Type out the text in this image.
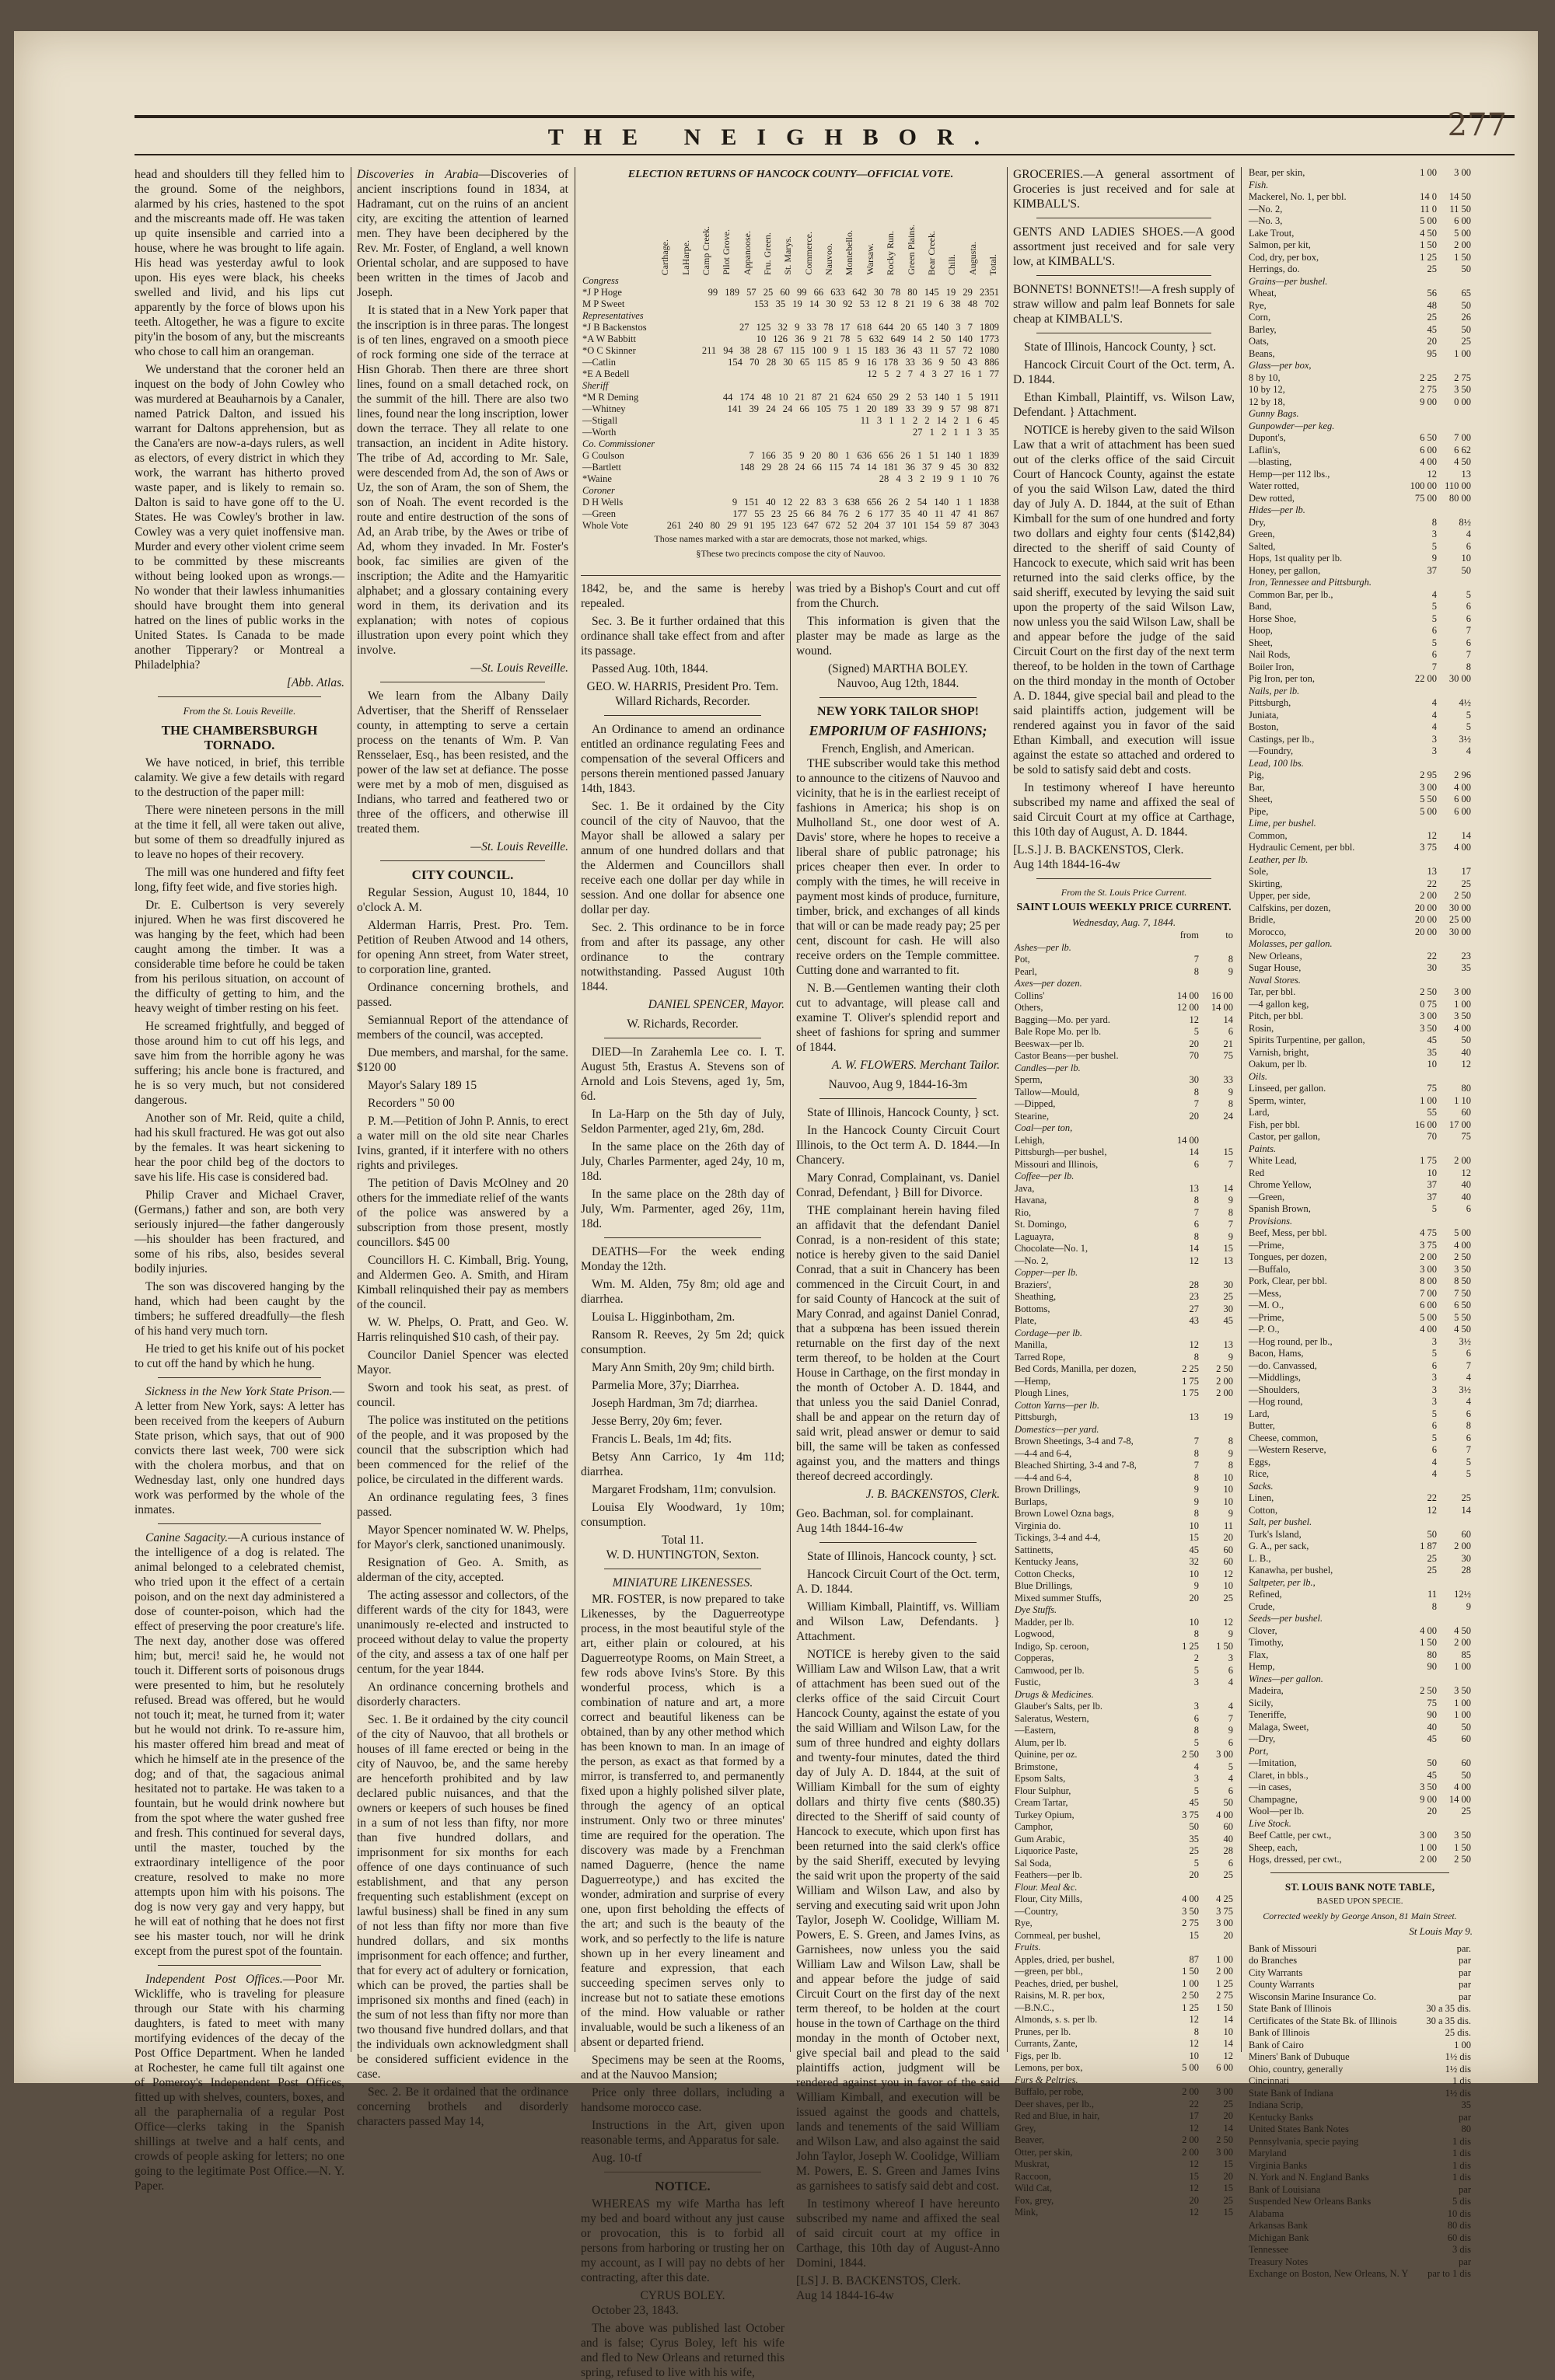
THE NEIGHBOR.	277

head and shoulders till they felled him to the ground. Some of the neighbors, alarmed by his cries, hastened to the spot and the miscreants made off. He was taken up quite insensible and carried into a house, where he was brought to life again. His head was yesterday awful to look upon. His eyes were black, his cheeks swelled and livid, and his lips cut apparently by the force of blows upon his teeth. Altogether, he was a figure to excite pity'in the bosom of any, but the miscreants who chose to call him an orangeman.

We understand that the coroner held an inquest on the body of John Cowley who was murdered at Beauharnois by a Canaler, named Patrick Dalton, and issued his warrant for Daltons apprehension, but as the Cana'ers are now-a-days rulers, as well as electors, of every district in which they work, the warrant has hitherto proved waste paper, and is likely to remain so. Dalton is said to have gone off to the U. States. He was Cowley's brother in law. Cowley was a very quiet inoffensive man. Murder and every other violent crime seem to be committed by these miscreants without being looked upon as wrongs.—No wonder that their lawless inhumanities should have brought them into general hatred on the lines of public works in the United States. Is Canada to be made another Tipperary? or Montreal a Philadelphia?

[Abb. Atlas.
From the St. Louis Reveille.
THE CHAMBERSBURGH TORNADO.

We have noticed, in brief, this terrible calamity. We give a few details with regard to the destruction of the paper mill:

There were nineteen persons in the mill at the time it fell, all were taken out alive, but some of them so dreadfully injured as to leave no hopes of their recovery.

The mill was one hundered and fifty feet long, fifty feet wide, and five stories high.

Dr. E. Culbertson is very severely injured. When he was first discovered he was hanging by the feet, which had been caught among the timber. It was a considerable time before he could be taken from his perilous situation, on account of the difficulty of getting to him, and the heavy weight of timber resting on his feet.

He screamed frightfully, and begged of those around him to cut off his legs, and save him from the horrible agony he was suffering; his ancle bone is fractured, and he is so very much, but not considered dangerous.

Another son of Mr. Reid, quite a child, had his skull fractured. He was got out also by the females. It was heart sickening to hear the poor child beg of the doctors to save his life. His case is considered bad.

Philip Craver and Michael Craver, (Germans,) father and son, are both very seriously injured—the father dangerously—his shoulder has been fractured, and some of his ribs, also, besides several bodily injuries.

The son was discovered hanging by the hand, which had been caught by the timbers; he suffered dreadfully—the flesh of his hand very much torn.

He tried to get his knife out of his pocket to cut off the hand by which he hung.

Sickness in the New York State Prison.—A letter from New York, says: A letter has been received from the keepers of Auburn State prison, which says, that out of 900 convicts there last week, 700 were sick with the cholera morbus, and that on Wednesday last, only one hundred days work was performed by the whole of the inmates.

Canine Sagacity.—A curious instance of the intelligence of a dog is related. The animal belonged to a celebrated chemist, who tried upon it the effect of a certain poison, and on the next day administered a dose of counter-poison, which had the effect of preserving the poor creature's life. The next day, another dose was offered him; but, merci! said he, he would not touch it. Different sorts of poisonous drugs were presented to him, but he resolutely refused. Bread was offered, but he would not touch it; meat, he turned from it; water but he would not drink. To re-assure him, his master offered him bread and meat of which he himself ate in the presence of the dog; and of that, the sagacious animal hesitated not to partake. He was taken to a fountain, but he would drink nowhere but from the spot where the water gushed free and fresh. This continued for several days, until the master, touched by the extraordinary intelligence of the poor creature, resolved to make no more attempts upon him with his poisons. The dog is now very gay and very happy, but he will eat of nothing that he does not first see his master touch, nor will he drink except from the purest spot of the fountain.

Independent Post Offices.—Poor Mr. Wickliffe, who is traveling for pleasure through our State with his charming daughters, is fated to meet with many mortifying evidences of the decay of the Post Office Department. When he landed at Rochester, he came full tilt against one of Pomeroy's Independent Post Offices, fitted up with shelves, counters, boxes, and all the paraphernalia of a regular Post Office—clerks taking in the Spanish shillings at twelve and a half cents, and crowds of people asking for letters; no one going to the legitimate Post Office.—N. Y. Paper.

Discoveries in Arabia—Discoveries of ancient inscriptions found in 1834, at Hadramant, cut on the ruins of an ancient city, are exciting the attention of learned men. They have been deciphered by the Rev. Mr. Foster, of England, a well known Oriental scholar, and are supposed to have been written in the times of Jacob and Joseph.

It is stated that in a New York paper that the inscription is in three paras. The longest is of ten lines, engraved on a smooth piece of rock forming one side of the terrace at Hisn Ghorab. Then there are three short lines, found on a small detached rock, on the summit of the hill. There are also two lines, found near the long inscription, lower down the terrace. They all relate to one transaction, an incident in Adite history. The tribe of Ad, according to Mr. Sale, were descended from Ad, the son of Aws or Uz, the son of Aram, the son of Shem, the son of Noah. The event recorded is the route and entire destruction of the sons of Ad, an Arab tribe, by the Awes or tribe of Ad, whom they invaded. In Mr. Foster's book, fac similies are given of the inscription; the Adite and the Hamyaritic alphabet; and a glossary containing every word in them, its derivation and its explanation; with notes of copious illustration upon every point which they involve.

—St. Louis Reveille.

We learn from the Albany Daily Advertiser, that the Sheriff of Rensselaer county, in attempting to serve a certain process on the tenants of Wm. P. Van Rensselaer, Esq., has been resisted, and the power of the law set at defiance. The posse were met by a mob of men, disguised as Indians, who tarred and feathered two or three of the officers, and otherwise ill treated them.

—St. Louis Reveille.
CITY COUNCIL.

Regular Session, August 10, 1844, 10 o'clock A. M.

Alderman Harris, Prest. Pro. Tem. Petition of Reuben Atwood and 14 others, for opening Ann street, from Water street, to corporation line, granted.

Ordinance concerning brothels, and passed.

Semiannual Report of the attendance of members of the council, was accepted.

Due members, and marshal, for the same. $120 00

Mayor's Salary 189 15

Recorders " 50 00

P. M.—Petition of John P. Annis, to erect a water mill on the old site near Charles Ivins, granted, if it interfere with no others rights and privileges.

The petition of Davis McOlney and 20 others for the immediate relief of the wants of the police was answered by a subscription from those present, mostly councillors. $45 00

Councillors H. C. Kimball, Brig. Young, and Aldermen Geo. A. Smith, and Hiram Kimball relinquished their pay as members of the council.

W. W. Phelps, O. Pratt, and Geo. W. Harris relinquished $10 cash, of their pay.

Councilor Daniel Spencer was elected Mayor.

Sworn and took his seat, as prest. of council.

The police was instituted on the petitions of the people, and it was proposed by the council that the subscription which had been commenced for the relief of the police, be circulated in the different wards.

An ordinance regulating fees, 3 fines passed.

Mayor Spencer nominated W. W. Phelps, for Mayor's clerk, sanctioned unanimously.

Resignation of Geo. A. Smith, as alderman of the city, accepted.

The acting assessor and collectors, of the different wards of the city for 1843, were unanimously re-elected and instructed to proceed without delay to value the property of the city, and assess a tax of one half per centum, for the year 1844.

An ordinance concerning brothels and disorderly characters.

Sec. 1. Be it ordained by the city council of the city of Nauvoo, that all brothels or houses of ill fame erected or being in the city of Nauvoo, be, and the same hereby are henceforth prohibited and by law declared public nuisances, and that the owners or keepers of such houses be fined in a sum of not less than fifty, nor more than five hundred dollars, and imprisonment for six months for each offence of one days continuance of such establishment, and that any person frequenting such establishment (except on lawful business) shall be fined in any sum of not less than fifty nor more than five hundred dollars, and six months imprisonment for each offence; and further, that for every act of adultery or fornication, which can be proved, the parties shall be imprisoned six months and fined (each) in the sum of not less than fifty nor more than two thousand five hundred dollars, and that the individuals own acknowledgment shall be considered sufficient evidence in the case.

Sec. 2. Be it ordained that the ordinance concerning brothels and disorderly characters passed May 14,

ELECTION RETURNS OF HANCOCK COUNTY—OFFICIAL VOTE.

Carthage. LaHarpe. Camp Creek. Pilot Grove. Appanoose. Fru. Green. St. Marys. Commerce. Nauvoo. Montebello. Warsaw. Rocky Run. Green Plains. Bear Creek. Chili. Augusta. Total.

Congress	
*J P Hoge	99 189 57 25 60 99 66 633 642 30 78 80 145 19 29 2351
M P Sweet	153 35 19 14 30 92 53 12 8 21 19 6 38 48 702
Representatives	
*J B Backenstos	27 125 32 9 33 78 17 618 644 20 65 140 3 7 1809
*A W Babbitt	10 126 36 9 21 78 5 632 649 14 2 50 140 1773
*O C Skinner	211 94 38 28 67 115 100 9 1 15 183 36 43 11 57 72 1080
—Catlin	154 70 28 30 65 115 85 9 16 178 33 36 9 50 43 886
*E A Bedell	12 5 2 7 4 3 27 16 1 77
Sheriff	
*M R Deming	44 174 48 10 21 87 21 624 650 29 2 53 140 1 5 1911
—Whitney	141 39 24 24 66 105 75 1 20 189 33 39 9 57 98 871
—Stigall	11 3 1 1 2 2 14 2 1 6 45
—Worth	27 1 2 1 1 3 35
Co. Commissioner	
G Coulson	7 166 35 9 20 80 1 636 656 26 1 51 140 1 1839
—Bartlett	148 29 28 24 66 115 74 14 181 36 37 9 45 30 832
*Waine	28 4 3 2 19 9 1 10 76
Coroner	
D H Wells	9 151 40 12 22 83 3 638 656 26 2 54 140 1 1 1838
—Green	177 55 23 25 66 84 76 2 6 177 35 40 11 47 41 867
Whole Vote	261 240 80 29 91 195 123 647 672 52 204 37 101 154 59 87 3043
Those names marked with a star are democrats, those not marked, whigs.
§These two precincts compose the city of Nauvoo.

1842, be, and the same is hereby repealed.

Sec. 3. Be it further ordained that this ordinance shall take effect from and after its passage.

Passed Aug. 10th, 1844.

GEO. W. HARRIS, President Pro. Tem.
Willard Richards, Recorder.

An Ordinance to amend an ordinance entitled an ordinance regulating Fees and compensation of the several Officers and persons therein mentioned passed January 14th, 1843.

Sec. 1. Be it ordained by the City council of the city of Nauvoo, that the Mayor shall be allowed a salary per annum of one hundred dollars and that the Aldermen and Councillors shall receive each one dollar per day while in session. And one dollar for absence one dollar per day.

Sec. 2. This ordinance to be in force from and after its passage, any other ordinance to the contrary notwithstanding. Passed August 10th 1844.

DANIEL SPENCER, Mayor.
W. Richards, Recorder.

DIED—In Zarahemla Lee co. I. T. August 5th, Erastus A. Stevens son of Arnold and Lois Stevens, aged 1y, 5m, 6d.

In La-Harp on the 5th day of July, Seldon Parmenter, aged 21y, 6m, 28d.

In the same place on the 26th day of July, Charles Parmenter, aged 24y, 10 m, 18d.

In the same place on the 28th day of July, Wm. Parmenter, aged 26y, 11m, 18d.

DEATHS—For the week ending Monday the 12th.

Wm. M. Alden, 75y 8m; old age and diarrhea.

Louisa L. Higginbotham, 2m.

Ransom R. Reeves, 2y 5m 2d; quick consumption.

Mary Ann Smith, 20y 9m; child birth.

Parmelia More, 37y; Diarrhea.

Joseph Hardman, 3m 7d; diarrhea.

Jesse Berry, 20y 6m; fever.

Francis L. Beals, 1m 4d; fits.

Betsy Ann Carrico, 1y 4m 11d; diarrhea.

Margaret Frodsham, 11m; convulsion.

Louisa Ely Woodward, 1y 10m; consumption.

Total 11.
W. D. HUNTINGTON, Sexton.
MINIATURE LIKENESSES.

MR. FOSTER, is now prepared to take Likenesses, by the Daguerreotype process, in the most beautiful style of the art, either plain or coloured, at his Daguerreotype Rooms, on Main Street, a few rods above Ivins's Store. By this wonderful process, which is a combination of nature and art, a more correct and beautiful likeness can be obtained, than by any other method which has been known to man. In an image of the person, as exact as that formed by a mirror, is transferred to, and permanently fixed upon a highly polished silver plate, through the agency of an optical instrument. Only two or three minutes' time are required for the operation. The discovery was made by a Frenchman named Daguerre, (hence the name Daguerreotype,) and has excited the wonder, admiration and surprise of every one, upon first beholding the effects of the art; and such is the beauty of the work, and so perfectly to the life is nature shown up in her every lineament and feature and expression, that each succeeding specimen serves only to increase but not to satiate these emotions of the mind. How valuable or rather invaluable, would be such a likeness of an absent or departed friend.

Specimens may be seen at the Rooms, and at the Nauvoo Mansion;

Price only three dollars, including a handsome morocco case.

Instructions in the Art, given upon reasonable terms, and Apparatus for sale.

Aug. 10-tf

NOTICE.

WHEREAS my wife Martha has left my bed and board without any just cause or provocation, this is to forbid all persons from harboring or trusting her on my account, as I will pay no debts of her contracting, after this date.

CYRUS BOLEY.

October 23, 1843.

The above was published last October and is false; Cyrus Boley, left his wife and fled to New Orleans and returned this spring, refused to live with his wife,

was tried by a Bishop's Court and cut off from the Church.

This information is given that the plaster may be made as large as the wound.

(Signed) MARTHA BOLEY.
Nauvoo, Aug 12th, 1844.
NEW YORK TAILOR SHOP!
EMPORIUM OF FASHIONS;
French, English, and American.

THE subscriber would take this method to announce to the citizens of Nauvoo and vicinity, that he is in the earliest receipt of fashions in America; his shop is on Mulholland St., one door west of A. Davis' store, where he hopes to receive a liberal share of public patronage; his prices cheaper then ever. In order to comply with the times, he will receive in payment most kinds of produce, furniture, timber, brick, and exchanges of all kinds that will or can be made ready pay; 25 per cent, discount for cash. He will also receive orders on the Temple committee. Cutting done and warranted to fit.

N. B.—Gentlemen wanting their cloth cut to advantage, will please call and examine T. Oliver's splendid report and sheet of fashions for spring and summer of 1844.

A. W. FLOWERS. Merchant Tailor.
Nauvoo, Aug 9, 1844-16-3m

State of Illinois, Hancock County, } sct.

In the Hancock County Circuit Court Illinois, to the Oct term A. D. 1844.—In Chancery.

Mary Conrad, Complainant, vs. Daniel Conrad, Defendant, } Bill for Divorce.

THE complainant herein having filed an affidavit that the defendant Daniel Conrad, is a non-resident of this state; notice is hereby given to the said Daniel Conrad, that a suit in Chancery has been commenced in the Circuit Court, in and for said County of Hancock at the suit of Mary Conrad, and against Daniel Conrad, that a subpœna has been issued therein returnable on the first day of the next term thereof, to be holden at the Court House in Carthage, on the first monday in the month of October A. D. 1844, and that unless you the said Daniel Conrad, shall be and appear on the return day of said writ, plead answer or demur to said bill, the same will be taken as confessed against you, and the matters and things thereof decreed accordingly.

J. B. BACKENSTOS, Clerk.
Geo. Bachman, sol. for complainant.
Aug 14th 1844-16-4w

State of Illinois, Hancock county, } sct.

Hancock Circuit Court of the Oct. term, A. D. 1844.

William Kimball, Plaintiff, vs. William and Wilson Law, Defendants. } Attachment.

NOTICE is hereby given to the said William Law and Wilson Law, that a writ of attachment has been sued out of the clerks office of the said Circuit Court Hancock County, against the estate of you the said William and Wilson Law, for the sum of three hundred and eighty dollars and twenty-four minutes, dated the third day of July A. D. 1844, at the suit of William Kimball for the sum of eighty dollars and thirty five cents ($80.35) directed to the Sheriff of said county of Hancock to execute, which upon first has been returned into the said clerk's office by the said Sheriff, executed by levying the said writ upon the property of the said William and Wilson Law, and also by serving and executing said writ upon John Taylor, Joseph W. Coolidge, William M. Powers, E. S. Green, and James Ivins, as Garnishees, now unless you the said William Law and Wilson Law, shall be and appear before the judge of said Circuit Court on the first day of the next term thereof, to be holden at the court house in the town of Carthage on the third monday in the month of October next, give special bail and plead to the said plaintiffs action, judgment will be rendered against you in favor of the said William Kimball, and execution will be issued against the goods and chattels, lands and tenements of the said William and Wilson Law, and also against the said John Taylor, Joseph W. Coolidge, William M. Powers, E. S. Green and James Ivins as garnishees to satisfy said debt and cost.

In testimony whereof I have hereunto subscribed my name and affixed the seal of said circuit court at my office in Carthage, this 10th day of August-Anno Domini, 1844.

[LS] J. B. BACKENSTOS, Clerk.
Aug 14 1844-16-4w

GROCERIES.—A general assortment of Groceries is just received and for sale at KIMBALL'S.

GENTS AND LADIES SHOES.—A good assortment just received and for sale very low, at KIMBALL'S.

BONNETS! BONNETS!!—A fresh supply of straw willow and palm leaf Bonnets for sale cheap at KIMBALL'S.

State of Illinois, Hancock County, } sct.

Hancock Circuit Court of the Oct. term, A. D. 1844.

Ethan Kimball, Plaintiff, vs. Wilson Law, Defendant. } Attachment.

NOTICE is hereby given to the said Wilson Law that a writ of attachment has been sued out of the clerks office of the said Circuit Court of Hancock County, against the estate of you the said Wilson Law, dated the third day of July A. D. 1844, at the suit of Ethan Kimball for the sum of one hundred and forty two dollars and eighty four cents ($142,84) directed to the sheriff of said County of Hancock to execute, which said writ has been returned into the said clerks office, by the said sheriff, executed by levying the said suit upon the property of the said Wilson Law, now unless you the said Wilson Law, shall be and appear before the judge of the said Circuit Court on the first day of the next term thereof, to be holden in the town of Carthage on the third monday in the month of October A. D. 1844, give special bail and plead to the said plaintiffs action, judgement will be rendered against you in favor of the said Ethan Kimball, and execution will issue against the estate so attached and ordered to be sold to satisfy said debt and costs.

In testimony whereof I have hereunto subscribed my name and affixed the seal of said Circuit Court at my office at Carthage, this 10th day of August, A. D. 1844.

[L.S.] J. B. BACKENSTOS, Clerk.
Aug 14th 1844-16-4w
From the St. Louis Price Current.
SAINT LOUIS WEEKLY PRICE CURRENT.
Wednesday, Aug. 7, 1844.
	from	to
Ashes—per lb.		
Pot,	7	8
Pearl,	8	9
Axes—per dozen.		
Collins'	14 00	16 00
Others,	12 00	14 00
Bagging—Mo. per yard.	12	14
Bale Rope Mo. per lb.	5	6
Beeswax—per lb.	20	21
Castor Beans—per bushel.	70	75
Candles—per lb.		
Sperm,	30	33
Tallow—Mould,	8	9
—Dipped,	7	8
Stearine,	20	24
Coal—per ton,		
Lehigh,	14 00	
Pittsburgh—per bushel,	14	15
Missouri and Illinois,	6	7
Coffee—per lb.		
Java,	13	14
Havana,	8	9
Rio,	7	8
St. Domingo,	6	7
Laguayra,	8	9
Chocolate—No. 1,	14	15
—No. 2,	12	13
Copper—per lb.		
Braziers',	28	30
Sheathing,	23	25
Bottoms,	27	30
Plate,	43	45
Cordage—per lb.		
Manilla,	12	13
Tarred Rope,	8	9
Bed Cords, Manilla, per dozen,	2 25	2 50
—Hemp,	1 75	2 00
Plough Lines,	1 75	2 00
Cotton Yarns—per lb.		
Pittsburgh,	13	19
Domestics—per yard.		
Brown Sheetings, 3-4 and 7-8,	7	8
—4-4 and 6-4,	8	9
Bleached Shirting, 3-4 and 7-8,	7	8
—4-4 and 6-4,	8	10
Brown Drillings,	9	10
Burlaps,	9	10
Brown Lowel Ozna bags,	8	9
Virginia do.	10	11
Tickings, 3-4 and 4-4,	15	20
Sattinetts,	45	60
Kentucky Jeans,	32	60
Cotton Checks,	10	12
Blue Drillings,	9	10
Mixed summer Stuffs,	20	25
Dye Stuffs.		
Madder, per lb.	10	12
Logwood,	8	9
Indigo, Sp. ceroon,	1 25	1 50
Copperas,	2	3
Camwood, per lb.	5	6
Fustic,	3	4
Drugs & Medicines.		
Glauber's Salts, per lb.	3	4
Saleratus, Western,	6	7
—Eastern,	8	9
Alum, per lb.	5	6
Quinine, per oz.	2 50	3 00
Brimstone,	4	5
Epsom Salts,	3	4
Flour Sulphur,	5	6
Cream Tartar,	45	50
Turkey Opium,	3 75	4 00
Camphor,	50	60
Gum Arabic,	35	40
Liquorice Paste,	25	28
Sal Soda,	5	6
Feathers—per lb.	20	25
Flour. Meal &c.		
Flour, City Mills,	4 00	4 25
—Country,	3 50	3 75
Rye,	2 75	3 00
Cornmeal, per bushel,	15	20
Fruits.		
Apples, dried, per bushel,	87	1 00
—green, per bbl.,	1 50	2 00
Peaches, dried, per bushel,	1 00	1 25
Raisins, M. R. per box,	2 50	2 75
—B.N.C.,	1 25	1 50
Almonds, s. s. per lb.	12	14
Prunes, per lb.	8	10
Currants, Zante,	12	14
Figs, per lb.	10	12
Lemons, per box,	5 00	6 00
Furs & Peltries.		
Buffalo, per robe,	2 00	3 00
Deer shaves, per lb.,	22	25
Red and Blue, in hair,	17	20
Grey,	12	14
Beaver,	2 00	2 50
Otter, per skin,	2 00	3 00
Muskrat,	12	15
Raccoon,	15	20
Wild Cat,	12	15
Fox, grey,	20	25
Mink,	12	15
Bear, per skin,	1 00	3 00
Fish.		
Mackerel, No. 1, per bbl.	14 0	14 50
—No. 2,	11 0	11 50
—No. 3,	5 00	6 00
Lake Trout,	4 50	5 00
Salmon, per kit,	1 50	2 00
Cod, dry, per box,	1 25	1 50
Herrings, do.	25	50
Grains—per bushel.		
Wheat,	56	65
Rye,	48	50
Corn,	25	26
Barley,	45	50
Oats,	20	25
Beans,	95	1 00
Glass—per box,		
8 by 10,	2 25	2 75
10 by 12,	2 75	3 50
12 by 18,	9 00	0 00
Gunny Bags.		
Gunpowder—per keg.		
Dupont's,	6 50	7 00
Laflin's,	6 00	6 62
—blasting,	4 00	4 50
Hemp—per 112 lbs.,	12	13
Water rotted,	100 00	110 00
Dew rotted,	75 00	80 00
Hides—per lb.		
Dry,	8	8½
Green,	3	4
Salted,	5	6
Hops, 1st quality per lb.	9	10
Honey, per gallon,	37	50
Iron, Tennessee and Pittsburgh.		
Common Bar, per lb.,	4	5
Band,	5	6
Horse Shoe,	5	6
Hoop,	6	7
Sheet,	5	6
Nail Rods,	6	7
Boiler Iron,	7	8
Pig Iron, per ton,	22 00	30 00
Nails, per lb.		
Pittsburgh,	4	4½
Juniata,	4	5
Boston,	4	5
Castings, per lb.,	3	3½
—Foundry,	3	4
Lead, 100 lbs.		
Pig,	2 95	2 96
Bar,	3 00	4 00
Sheet,	5 50	6 00
Pipe,	5 00	6 00
Lime, per bushel.		
Common,	12	14
Hydraulic Cement, per bbl.	3 75	4 00
Leather, per lb.		
Sole,	13	17
Skirting,	22	25
Upper, per side,	2 00	2 50
Calfskins, per dozen,	20 00	30 00
Bridle,	20 00	25 00
Morocco,	20 00	30 00
Molasses, per gallon.		
New Orleans,	22	23
Sugar House,	30	35
Naval Stores.		
Tar, per bbl.	2 50	3 00
—4 gallon keg,	0 75	1 00
Pitch, per bbl.	3 00	3 50
Rosin,	3 50	4 00
Spirits Turpentine, per gallon,	45	50
Varnish, bright,	35	40
Oakum, per lb.	10	12
Oils.		
Linseed, per gallon.	75	80
Sperm, winter,	1 00	1 10
Lard,	55	60
Fish, per bbl.	16 00	17 00
Castor, per gallon,	70	75
Paints.		
White Lead,	1 75	2 00
Red	10	12
Chrome Yellow,	37	40
—Green,	37	40
Spanish Brown,	5	6
Provisions.		
Beef, Mess, per bbl.	4 75	5 00
—Prime,	3 75	4 00
Tongues, per dozen,	2 00	2 50
—Buffalo,	3 00	3 50
Pork, Clear, per bbl.	8 00	8 50
—Mess,	7 00	7 50
—M. O.,	6 00	6 50
—Prime,	5 00	5 50
—P. O.,	4 00	4 50
—Hog round, per lb.,	3	3½
Bacon, Hams,	5	6
—do. Canvassed,	6	7
—Middlings,	3	4
—Shoulders,	3	3½
—Hog round,	3	4
Lard,	5	6
Butter,	6	8
Cheese, common,	5	6
—Western Reserve,	6	7
Eggs,	4	5
Rice,	4	5
Sacks.		
Linen,	22	25
Cotton,	12	14
Salt, per bushel.		
Turk's Island,	50	60
G. A., per sack,	1 87	2 00
L. B.,	25	30
Kanawha, per bushel,	25	28
Saltpeter, per lb.,		
Refined,	11	12½
Crude,	8	9
Seeds—per bushel.		
Clover,	4 00	4 50
Timothy,	1 50	2 00
Flax,	80	85
Hemp,	90	1 00
Wines—per gallon.		
Madeira,	2 50	3 50
Sicily,	75	1 00
Teneriffe,	90	1 00
Malaga, Sweet,	40	50
—Dry,	45	60
Port,		
—Imitation,	50	60
Claret, in bbls.,	45	50
—in cases,	3 50	4 00
Champagne,	9 00	14 00
Wool—per lb.	20	25
Live Stock.		
Beef Cattle, per cwt.,	3 00	3 50
Sheep, each,	1 00	1 50
Hogs, dressed, per cwt.,	2 00	2 50
ST. LOUIS BANK NOTE TABLE,
BASED UPON SPECIE.
Corrected weekly by George Anson, 81 Main Street.
St Louis May 9.
Bank of Missouri	par.
do Branches	par
City Warrants	par
County Warrants	par
Wisconsin Marine Insurance Co.	par
State Bank of Illinois	30 a 35 dis.
Certificates of the State Bk. of Illinois	30 a 35 dis.
Bank of Illinois	25 dis.
Bank of Cairo	1 00
Miners' Bank of Dubuque	1½ dis
Ohio, country, generally	1½ dis
Cincinnati	1 dis
State Bank of Indiana	1½ dis
Indiana Scrip,	35
Kentucky Banks	par
United States Bank Notes	80
Pennsylvania, specie paying	1 dis
Maryland	1 dis
Virginia Banks	1 dis
N. York and N. England Banks	1 dis
Bank of Louisiana	par
Suspended New Orleans Banks	5 dis
Alabama	10 dis
Arkansas Bank	80 dis
Michigan Bank	60 dis
Tennessee	3 dis
Treasury Notes	par
Exchange on Boston, New Orleans, N. Y	par to 1 dis
